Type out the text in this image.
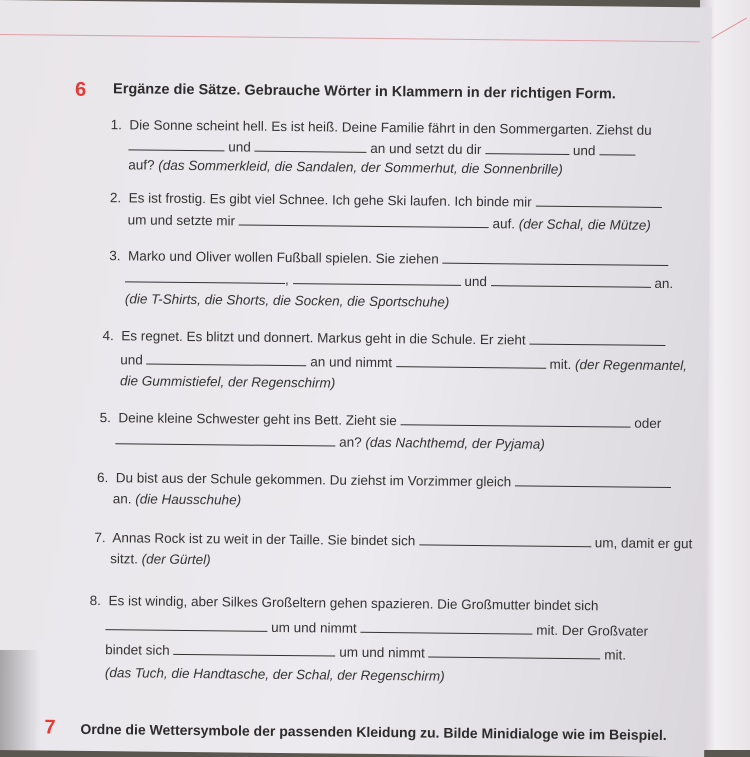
6 Ergänze die Sätze. Gebrauche Wörter in Klammern in der richtigen Form.
1. Die Sonne scheint hell. Es ist heiß. Deine Familie fährt in den Sommergarten. Ziehst du
und	an und setzt du dir	und
auf? (das Sommerkleid, die Sandalen, der Sommerhut, die Sonnenbrille)
2. Es ist frostig. Es gibt viel Schnee. Ich gehe Ski laufen. Ich binde mir
um und setzte mir	auf. (der Schal, die Mütze)
3. Marko und Oliver wollen Fußball spielen. Sie ziehen
,	und	an.
(die T-Shirts, die Shorts, die Socken, die Sportschuhe)
4. Es regnet. Es blitzt und donnert. Markus geht in die Schule. Er zieht
und	an und nimmt	mit. (der Regenmantel,
die Gummistiefel, der Regenschirm)
5. Deine kleine Schwester geht ins Bett. Zieht sie	oder
an? (das Nachthemd, der Pyjama)
6. Du bist aus der Schule gekommen. Du ziehst im Vorzimmer gleich
an. (die Hausschuhe)
7. Annas Rock ist zu weit in der Taille. Sie bindet sich	um, damit er gut
sitzt. (der Gürtel)
8. Es ist windig, aber Silkes Großeltern gehen spazieren. Die Großmutter bindet sich
um und nimmt	mit. Der Großvater
bindet sich	um und nimmt	mit.
(das Tuch, die Handtasche, der Schal, der Regenschirm)
7 Ordne die Wettersymbole der passenden Kleidung zu. Bilde Minidialoge wie im Beispiel.
